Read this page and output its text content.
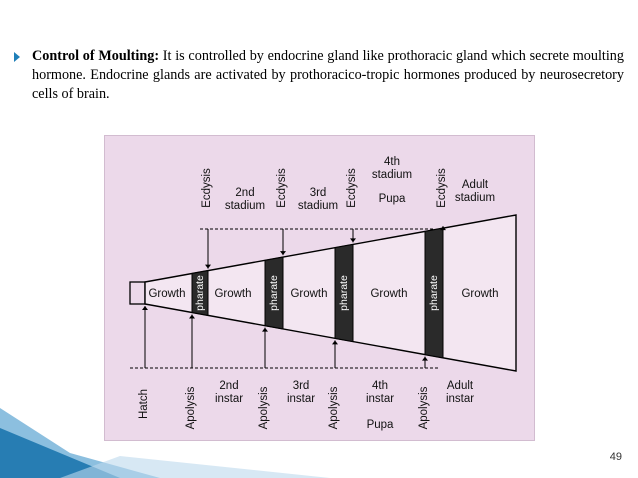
Control of Moulting: It is controlled by endocrine gland like prothoracic gland which secrete moulting hormone. Endocrine glands are activated by prothoracico-tropic hormones produced by neurosecretory cells of brain.
pharate	pharate	pharate	pharate
Growth	Growth	Growth	Growth	Growth
Ecdysis	Ecdysis	Ecdysis	Ecdysis
Hatch	Apolysis	Apolysis	Apolysis	Apolysis
2nd
stadium
3rd
stadium
4th
stadium
Pupa
Adult
stadium
2nd
instar
3rd
instar
4th
instar
Pupa
Adult
instar
49
